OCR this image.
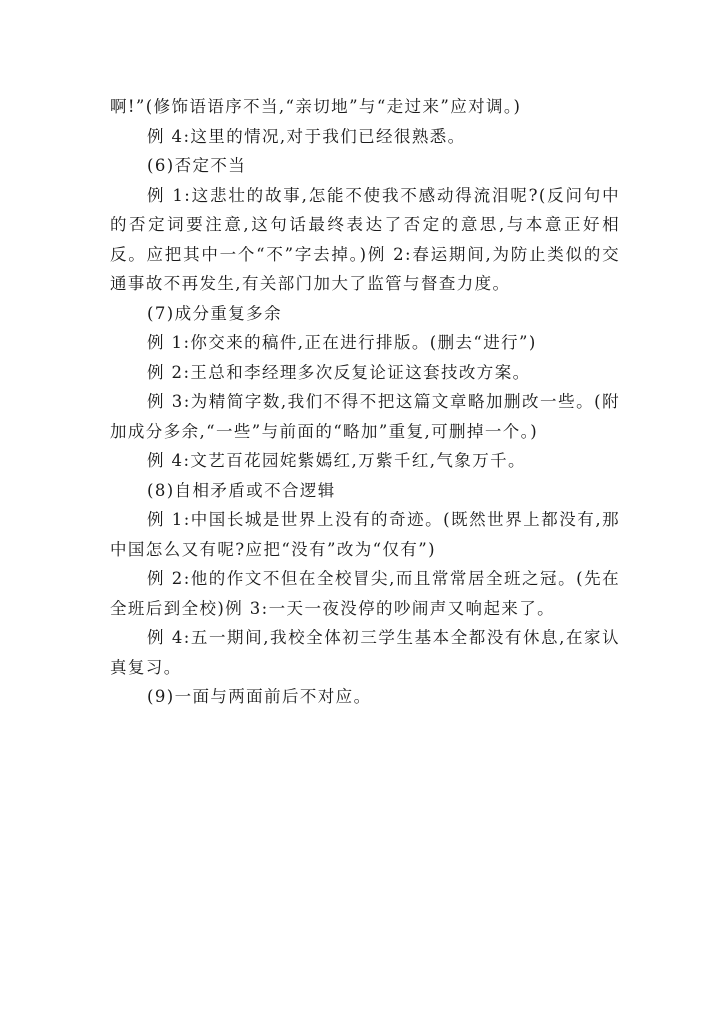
啊!”(修饰语语序不当,“亲切地”与“走过来”应对调。)

例 4:这里的情况,对于我们已经很熟悉。

(6)否定不当

例 1:这悲壮的故事,怎能不使我不感动得流泪呢?(反问句中的否定词要注意,这句话最终表达了否定的意思,与本意正好相反。应把其中一个“不”字去掉。)例 2:春运期间,为防止类似的交通事故不再发生,有关部门加大了监管与督查力度。

(7)成分重复多余

例 1:你交来的稿件,正在进行排版。(删去“进行”)

例 2:王总和李经理多次反复论证这套技改方案。

例 3:为精简字数,我们不得不把这篇文章略加删改一些。(附加成分多余,“一些”与前面的“略加”重复,可删掉一个。)

例 4:文艺百花园姹紫嫣红,万紫千红,气象万千。

(8)自相矛盾或不合逻辑

例 1:中国长城是世界上没有的奇迹。(既然世界上都没有,那中国怎么又有呢?应把“没有”改为“仅有”)

例 2:他的作文不但在全校冒尖,而且常常居全班之冠。(先在全班后到全校)例 3:一天一夜没停的吵闹声又响起来了。

例 4:五一期间,我校全体初三学生基本全都没有休息,在家认真复习。

(9)一面与两面前后不对应。
